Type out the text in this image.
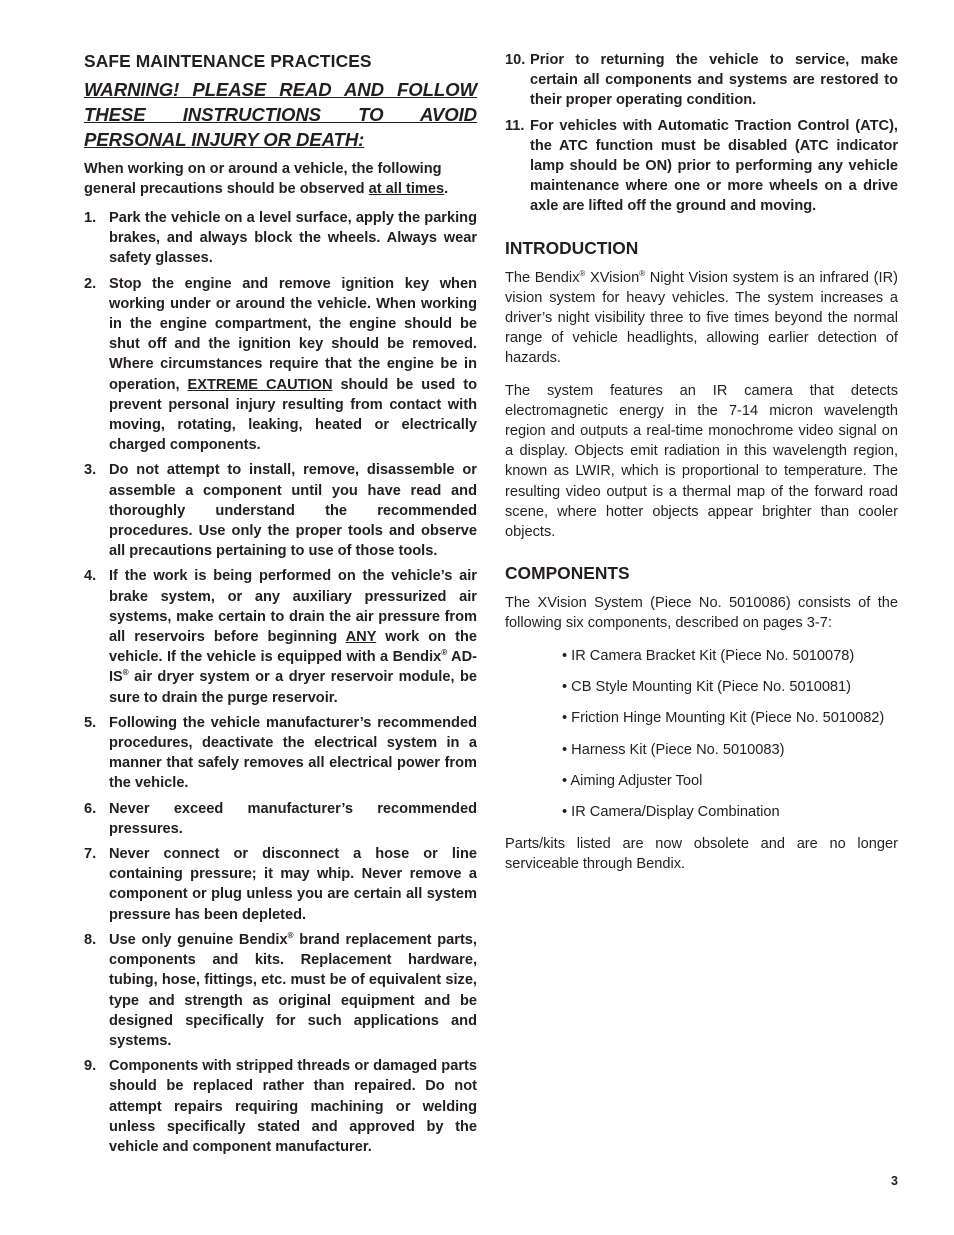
SAFE MAINTENANCE PRACTICES

WARNING! PLEASE READ AND FOLLOW THESE INSTRUCTIONS TO AVOID PERSONAL INJURY OR DEATH:

When working on or around a vehicle, the following general precautions should be observed at all times.

1. Park the vehicle on a level surface, apply the parking brakes, and always block the wheels. Always wear safety glasses.
2. Stop the engine and remove ignition key when working under or around the vehicle. When working in the engine compartment, the engine should be shut off and the ignition key should be removed. Where circumstances require that the engine be in operation, EXTREME CAUTION should be used to prevent personal injury resulting from contact with moving, rotating, leaking, heated or electrically charged components.
3. Do not attempt to install, remove, disassemble or assemble a component until you have read and thoroughly understand the recommended procedures. Use only the proper tools and observe all precautions pertaining to use of those tools.
4. If the work is being performed on the vehicle’s air brake system, or any auxiliary pressurized air systems, make certain to drain the air pressure from all reservoirs before beginning ANY work on the vehicle. If the vehicle is equipped with a Bendix® AD-IS® air dryer system or a dryer reservoir module, be sure to drain the purge reservoir.
5. Following the vehicle manufacturer’s recommended procedures, deactivate the electrical system in a manner that safely removes all electrical power from the vehicle.
6. Never exceed manufacturer’s recommended pressures.
7. Never connect or disconnect a hose or line containing pressure; it may whip. Never remove a component or plug unless you are certain all system pressure has been depleted.
8. Use only genuine Bendix® brand replacement parts, components and kits. Replacement hardware, tubing, hose, fittings, etc. must be of equivalent size, type and strength as original equipment and be designed specifically for such applications and systems.
9. Components with stripped threads or damaged parts should be replaced rather than repaired. Do not attempt repairs requiring machining or welding unless specifically stated and approved by the vehicle and component manufacturer.
10. Prior to returning the vehicle to service, make certain all components and systems are restored to their proper operating condition.
11. For vehicles with Automatic Traction Control (ATC), the ATC function must be disabled (ATC indicator lamp should be ON) prior to performing any vehicle maintenance where one or more wheels on a drive axle are lifted off the ground and moving.
INTRODUCTION

The Bendix® XVision® Night Vision system is an infrared (IR) vision system for heavy vehicles. The system increases a driver’s night visibility three to five times beyond the normal range of vehicle headlights, allowing earlier detection of hazards.

The system features an IR camera that detects electromagnetic energy in the 7-14 micron wavelength region and outputs a real-time monochrome video signal on a display. Objects emit radiation in this wavelength region, known as LWIR, which is proportional to temperature. The resulting video output is a thermal map of the forward road scene, where hotter objects appear brighter than cooler objects.

COMPONENTS

The XVision System (Piece No. 5010086) consists of the following six components, described on pages 3-7:

• IR Camera Bracket Kit (Piece No. 5010078)
• CB Style Mounting Kit (Piece No. 5010081)
• Friction Hinge Mounting Kit (Piece No. 5010082)
• Harness Kit (Piece No. 5010083)
• Aiming Adjuster Tool
• IR Camera/Display Combination

Parts/kits listed are now obsolete and are no longer serviceable through Bendix.

3
